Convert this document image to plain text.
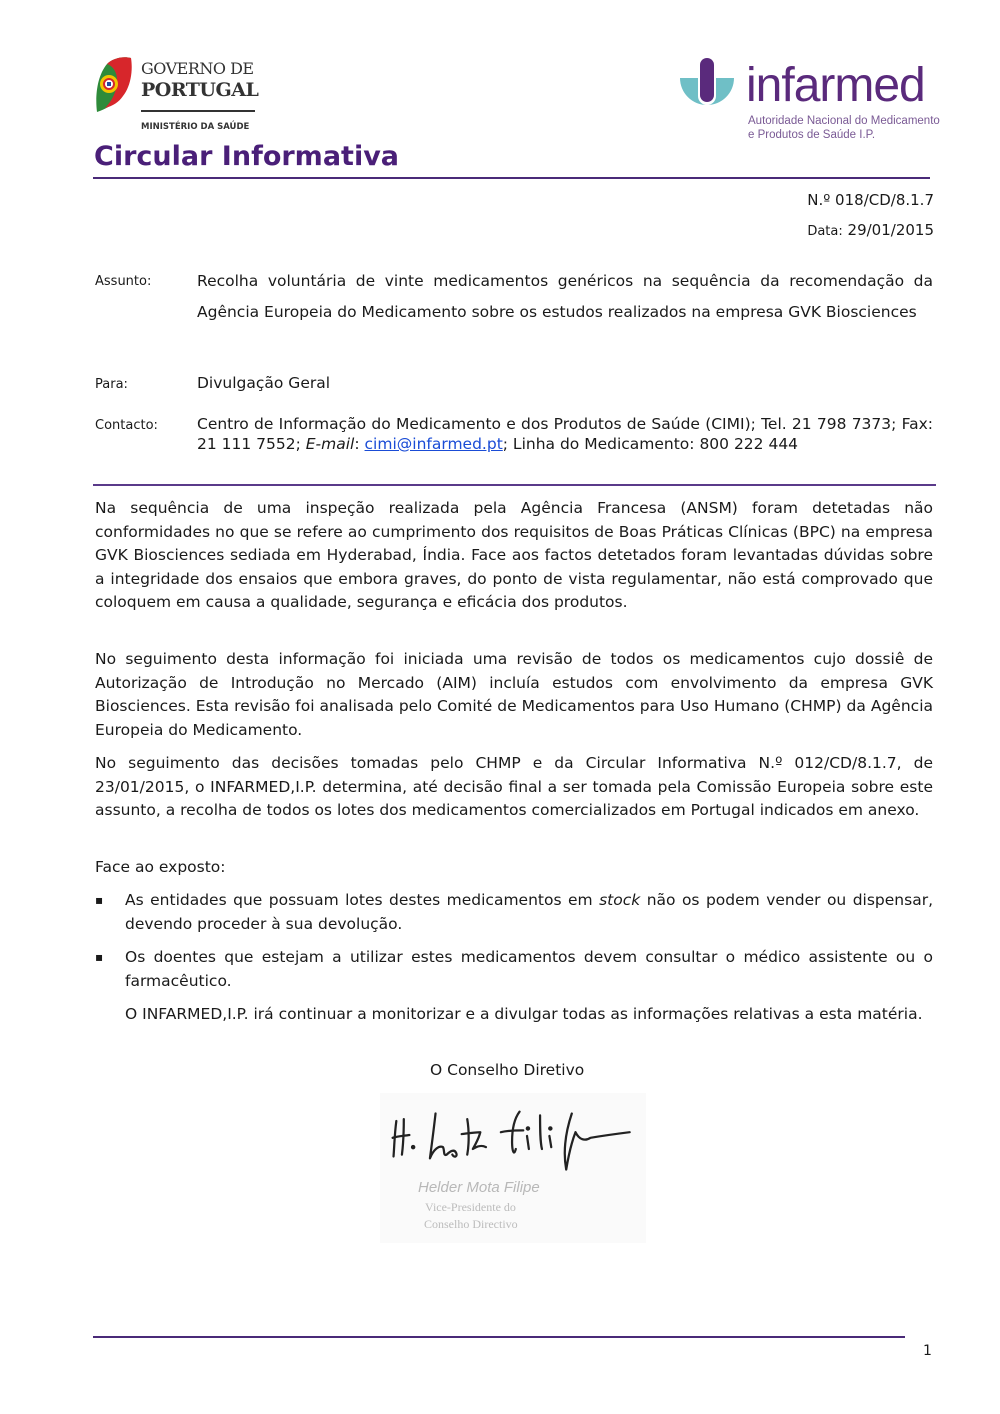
GOVERNO DE
PORTUGAL
MINISTÉRIO DA SAÚDE
infarmed
Autoridade Nacional do Medicamento
e Produtos de Saúde I.P.
Circular Informativa
N.º 018/CD/8.1.7
Data: 29/01/2015
Assunto:	Recolha voluntária de vinte medicamentos genéricos na sequência da recomendação da Agência Europeia do Medicamento sobre os estudos realizados na empresa GVK Biosciences
Para:	Divulgação Geral
Contacto:	Centro de Informação do Medicamento e dos Produtos de Saúde (CIMI); Tel. 21 798 7373; Fax: 21 111 7552; E-mail: cimi@infarmed.pt; Linha do Medicamento: 800 222 444
Na sequência de uma inspeção realizada pela Agência Francesa (ANSM) foram detetadas não conformidades no que se refere ao cumprimento dos requisitos de Boas Práticas Clínicas (BPC) na empresa GVK Biosciences sediada em Hyderabad, Índia. Face aos factos detetados foram levantadas dúvidas sobre a integridade dos ensaios que embora graves, do ponto de vista regulamentar, não está comprovado que coloquem em causa a qualidade, segurança e eficácia dos produtos.
No seguimento desta informação foi iniciada uma revisão de todos os medicamentos cujo dossiê de Autorização de Introdução no Mercado (AIM) incluía estudos com envolvimento da empresa GVK Biosciences. Esta revisão foi analisada pelo Comité de Medicamentos para Uso Humano (CHMP) da Agência Europeia do Medicamento.
No seguimento das decisões tomadas pelo CHMP e da Circular Informativa N.º 012/CD/8.1.7, de 23/01/2015, o INFARMED,I.P. determina, até decisão final a ser tomada pela Comissão Europeia sobre este assunto, a recolha de todos os lotes dos medicamentos comercializados em Portugal indicados em anexo.
Face ao exposto:
▪	As entidades que possuam lotes destes medicamentos em stock não os podem vender ou dispensar, devendo proceder à sua devolução.
▪	Os doentes que estejam a utilizar estes medicamentos devem consultar o médico assistente ou o farmacêutico.
O INFARMED,I.P. irá continuar a monitorizar e a divulgar todas as informações relativas a esta matéria.
O Conselho Diretivo
Helder Mota Filipe
Vice-Presidente do
Conselho Directivo
1
